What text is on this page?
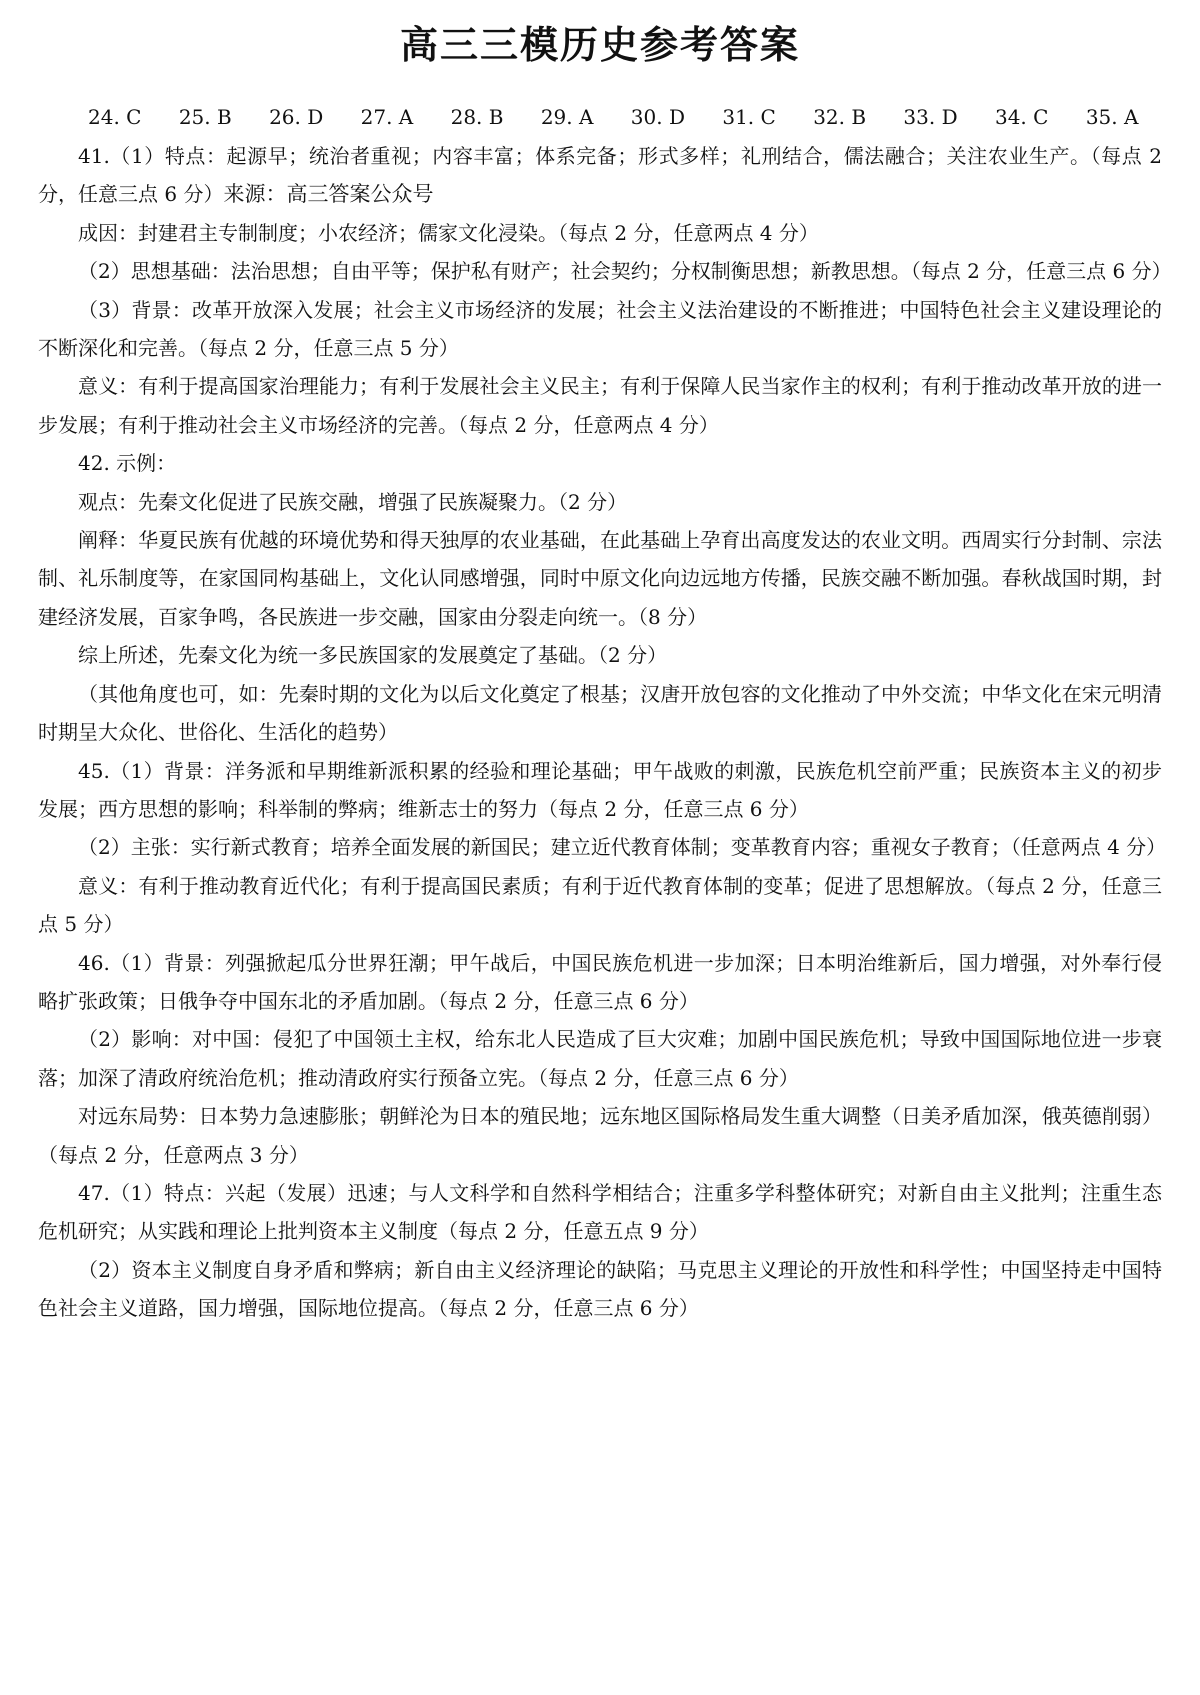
高三三模历史参考答案
24. C 25. B 26. D 27. A 28. B 29. A 30. D 31. C 32. B 33. D 34. C 35. A

41.（1）特点：起源早；统治者重视；内容丰富；体系完备；形式多样；礼刑结合，儒法融合；关注农业生产。（每点 2 分，任意三点 6 分）来源：高三答案公众号

成因：封建君主专制制度；小农经济；儒家文化浸染。（每点 2 分，任意两点 4 分）

（2）思想基础：法治思想；自由平等；保护私有财产；社会契约；分权制衡思想；新教思想。（每点 2 分，任意三点 6 分）

（3）背景：改革开放深入发展；社会主义市场经济的发展；社会主义法治建设的不断推进；中国特色社会主义建设理论的不断深化和完善。（每点 2 分，任意三点 5 分）

意义：有利于提高国家治理能力；有利于发展社会主义民主；有利于保障人民当家作主的权利；有利于推动改革开放的进一步发展；有利于推动社会主义市场经济的完善。（每点 2 分，任意两点 4 分）

42. 示例：

观点：先秦文化促进了民族交融，增强了民族凝聚力。（2 分）

阐释：华夏民族有优越的环境优势和得天独厚的农业基础，在此基础上孕育出高度发达的农业文明。西周实行分封制、宗法制、礼乐制度等，在家国同构基础上，文化认同感增强，同时中原文化向边远地方传播，民族交融不断加强。春秋战国时期，封建经济发展，百家争鸣，各民族进一步交融，国家由分裂走向统一。（8 分）

综上所述，先秦文化为统一多民族国家的发展奠定了基础。（2 分）

（其他角度也可，如：先秦时期的文化为以后文化奠定了根基；汉唐开放包容的文化推动了中外交流；中华文化在宋元明清时期呈大众化、世俗化、生活化的趋势）

45.（1）背景：洋务派和早期维新派积累的经验和理论基础；甲午战败的刺激，民族危机空前严重；民族资本主义的初步发展；西方思想的影响；科举制的弊病；维新志士的努力（每点 2 分，任意三点 6 分）

（2）主张：实行新式教育；培养全面发展的新国民；建立近代教育体制；变革教育内容；重视女子教育；（任意两点 4 分）

意义：有利于推动教育近代化；有利于提高国民素质；有利于近代教育体制的变革；促进了思想解放。（每点 2 分，任意三点 5 分）

46.（1）背景：列强掀起瓜分世界狂潮；甲午战后，中国民族危机进一步加深；日本明治维新后，国力增强，对外奉行侵略扩张政策；日俄争夺中国东北的矛盾加剧。（每点 2 分，任意三点 6 分）

（2）影响：对中国：侵犯了中国领土主权，给东北人民造成了巨大灾难；加剧中国民族危机；导致中国国际地位进一步衰落；加深了清政府统治危机；推动清政府实行预备立宪。（每点 2 分，任意三点 6 分）

对远东局势：日本势力急速膨胀；朝鲜沦为日本的殖民地；远东地区国际格局发生重大调整（日美矛盾加深，俄英德削弱）（每点 2 分，任意两点 3 分）

47.（1）特点：兴起（发展）迅速；与人文科学和自然科学相结合；注重多学科整体研究；对新自由主义批判；注重生态危机研究；从实践和理论上批判资本主义制度（每点 2 分，任意五点 9 分）

（2）资本主义制度自身矛盾和弊病；新自由主义经济理论的缺陷；马克思主义理论的开放性和科学性；中国坚持走中国特色社会主义道路，国力增强，国际地位提高。（每点 2 分，任意三点 6 分）
